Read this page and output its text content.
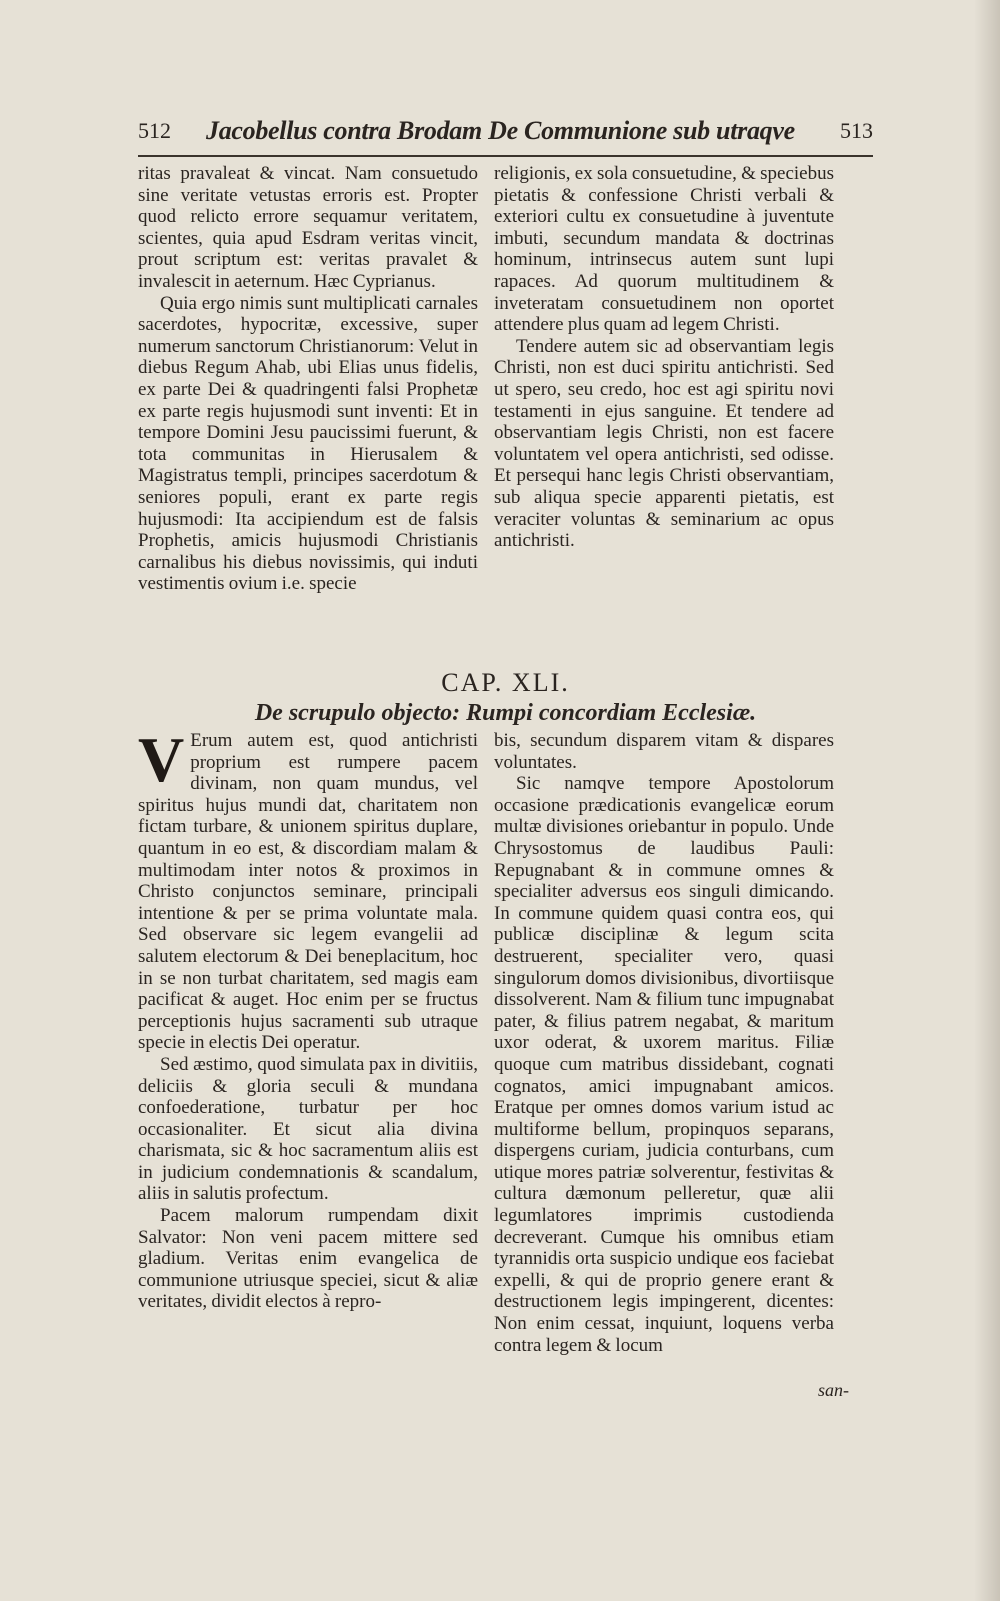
512 Jacobellus contra Brodam De Communione sub utraqve 513

ritas pravaleat & vincat. Nam consuetudo sine veritate vetustas erroris est. Propter quod relicto errore sequamur veritatem, scientes, quia apud Esdram veritas vincit, prout scriptum est: veritas pravalet & invalescit in aeternum. Hæc Cyprianus.

Quia ergo nimis sunt multiplicati carnales sacerdotes, hypocritæ, excessive, super numerum sanctorum Christianorum: Velut in diebus Regum Ahab, ubi Elias unus fidelis, ex parte Dei & quadringenti falsi Prophetæ ex parte regis hujusmodi sunt inventi: Et in tempore Domini Jesu paucissimi fuerunt, & tota communitas in Hierusalem & Magistratus templi, principes sacerdotum & seniores populi, erant ex parte regis hujusmodi: Ita accipiendum est de falsis Prophetis, amicis hujusmodi Christianis carnalibus his diebus novissimis, qui induti vestimentis ovium i.e. specie

religionis, ex sola consuetudine, & speciebus pietatis & confessione Christi verbali & exteriori cultu ex consuetudine à juventute imbuti, secundum mandata & doctrinas hominum, intrinsecus autem sunt lupi rapaces. Ad quorum multitudinem & inveteratam consuetudinem non oportet attendere plus quam ad legem Christi.

Tendere autem sic ad observantiam legis Christi, non est duci spiritu antichristi. Sed ut spero, seu credo, hoc est agi spiritu novi testamenti in ejus sanguine. Et tendere ad observantiam legis Christi, non est facere voluntatem vel opera antichristi, sed odisse. Et persequi hanc legis Christi observantiam, sub aliqua specie apparenti pietatis, est veraciter voluntas & seminarium ac opus antichristi.

CAP. XLI.
De scrupulo objecto: Rumpi concordiam Ecclesiæ.

V Erum autem est, quod antichristi proprium est rumpere pacem divinam, non quam mundus, vel spiritus hujus mundi dat, charitatem non fictam turbare, & unionem spiritus duplare, quantum in eo est, & discordiam malam & multimodam inter notos & proximos in Christo conjunctos seminare, principali intentione & per se prima voluntate mala. Sed observare sic legem evangelii ad salutem electorum & Dei beneplacitum, hoc in se non turbat charitatem, sed magis eam pacificat & auget. Hoc enim per se fructus perceptionis hujus sacramenti sub utraque specie in electis Dei operatur.

Sed æstimo, quod simulata pax in divitiis, deliciis & gloria seculi & mundana confoederatione, turbatur per hoc occasionaliter. Et sicut alia divina charismata, sic & hoc sacramentum aliis est in judicium condemnationis & scandalum, aliis in salutis profectum.

Pacem malorum rumpendam dixit Salvator: Non veni pacem mittere sed gladium. Veritas enim evangelica de communione utriusque speciei, sicut & aliæ veritates, dividit electos à repro-

bis, secundum disparem vitam & dispares voluntates.

Sic namqve tempore Apostolorum occasione prædicationis evangelicæ eorum multæ divisiones oriebantur in populo. Unde Chrysostomus de laudibus Pauli: Repugnabant & in commune omnes & specialiter adversus eos singuli dimicando. In commune quidem quasi contra eos, qui publicæ disciplinæ & legum scita destruerent, specialiter vero, quasi singulorum domos divisionibus, divortiisque dissolverent. Nam & filium tunc impugnabat pater, & filius patrem negabat, & maritum uxor oderat, & uxorem maritus. Filiæ quoque cum matribus dissidebant, cognati cognatos, amici impugnabant amicos. Eratque per omnes domos varium istud ac multiforme bellum, propinquos separans, dispergens curiam, judicia conturbans, cum utique mores patriæ solverentur, festivitas & cultura dæmonum pelleretur, quæ alii legumlatores imprimis custodienda decreverant. Cumque his omnibus etiam tyrannidis orta suspicio undique eos faciebat expelli, & qui de proprio genere erant & destructionem legis impingerent, dicentes: Non enim cessat, inquiunt, loquens verba contra legem & locum

san-
